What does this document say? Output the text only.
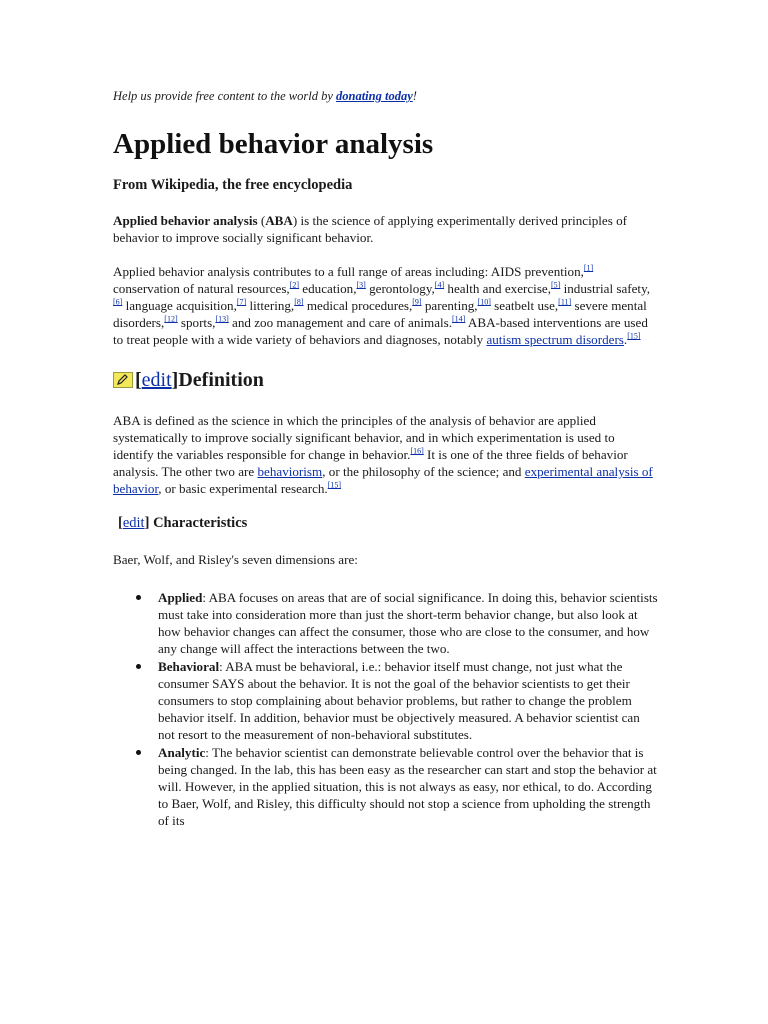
Help us provide free content to the world by donating today!

Applied behavior analysis
From Wikipedia, the free encyclopedia

Applied behavior analysis (ABA) is the science of applying experimentally derived principles of behavior to improve socially significant behavior.

Applied behavior analysis contributes to a full range of areas including: AIDS prevention,[1] conservation of natural resources,[2] education,[3] gerontology,[4] health and exercise,[5] industrial safety,[6] language acquisition,[7] littering,[8] medical procedures,[9] parenting,[10] seatbelt use,[11] severe mental disorders,[12] sports,[13] and zoo management and care of animals.[14] ABA-based interventions are used to treat people with a wide variety of behaviors and diagnoses, notably autism spectrum disorders.[15]

[ edit ] Definition

ABA is defined as the science in which the principles of the analysis of behavior are applied systematically to improve socially significant behavior, and in which experimentation is used to identify the variables responsible for change in behavior.[16] It is one of the three fields of behavior analysis. The other two are behaviorism, or the philosophy of the science; and experimental analysis of behavior, or basic experimental research.[15]

[edit] Characteristics

Baer, Wolf, and Risley's seven dimensions are:

Applied: ABA focuses on areas that are of social significance. In doing this, behavior scientists must take into consideration more than just the short-term behavior change, but also look at how behavior changes can affect the consumer, those who are close to the consumer, and how any change will affect the interactions between the two.
Behavioral: ABA must be behavioral, i.e.: behavior itself must change, not just what the consumer SAYS about the behavior. It is not the goal of the behavior scientists to get their consumers to stop complaining about behavior problems, but rather to change the problem behavior itself. In addition, behavior must be objectively measured. A behavior scientist can not resort to the measurement of non-behavioral substitutes.
Analytic: The behavior scientist can demonstrate believable control over the behavior that is being changed. In the lab, this has been easy as the researcher can start and stop the behavior at will. However, in the applied situation, this is not always as easy, nor ethical, to do. According to Baer, Wolf, and Risley, this difficulty should not stop a science from upholding the strength of its
